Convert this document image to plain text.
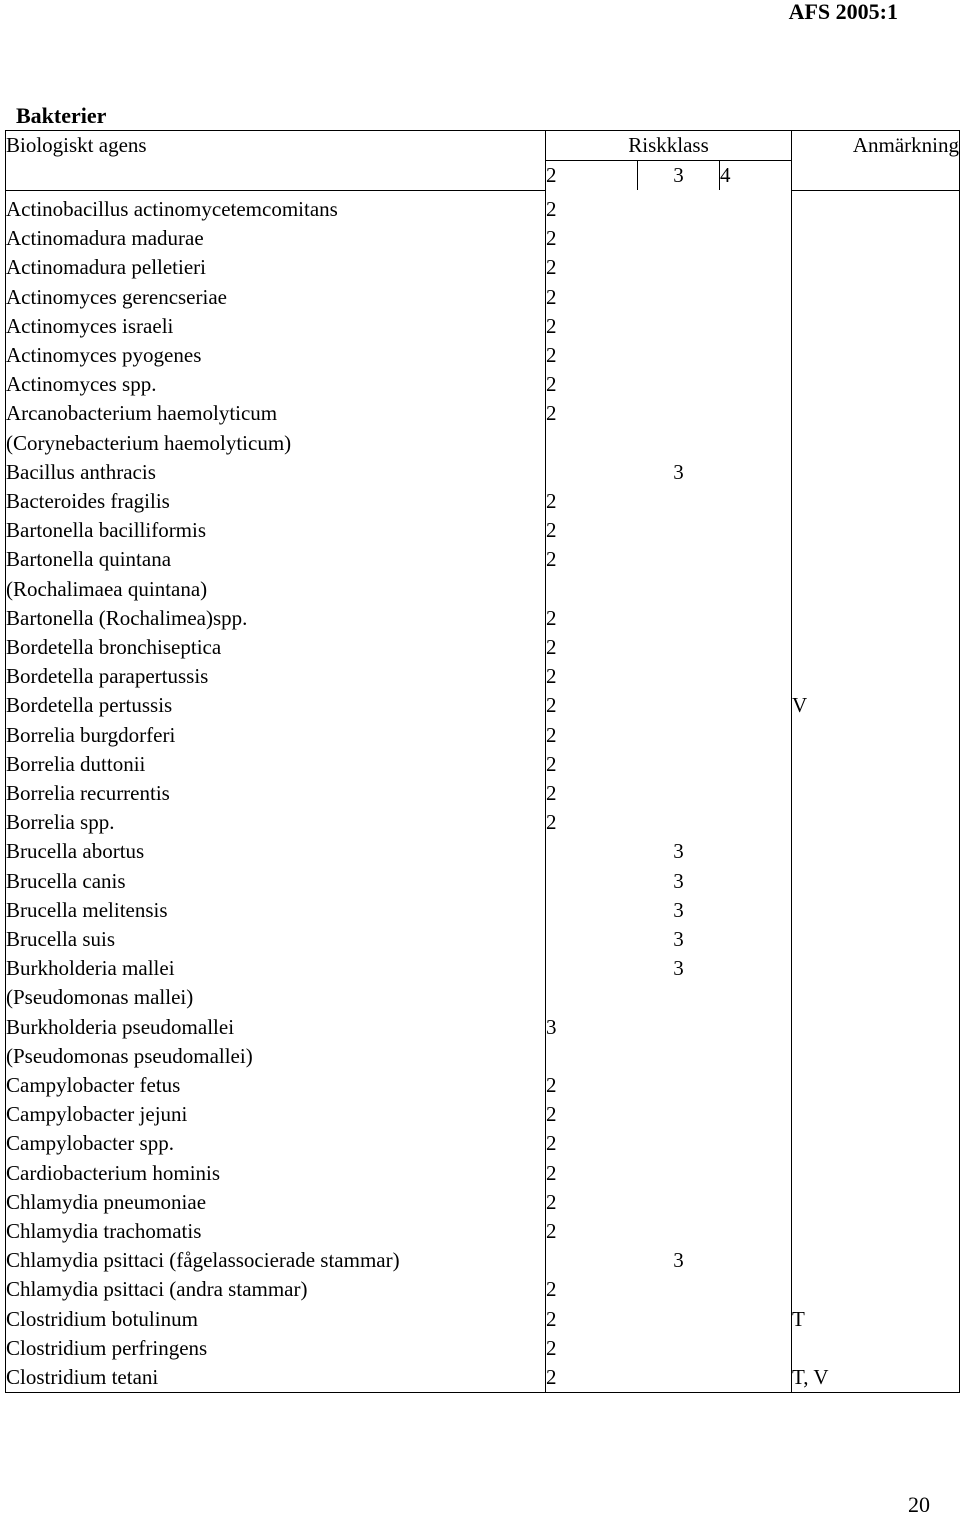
AFS 2005:1
Bakterier
Biologiskt agens	Riskklass			Anmärkning
	2	3	4	
Actinobacillus actinomycetemcomitans	2			
Actinomadura madurae	2			
Actinomadura pelletieri	2			
Actinomyces gerencseriae	2			
Actinomyces israeli	2			
Actinomyces pyogenes	2			
Actinomyces spp.	2			
Arcanobacterium haemolyticum	2			
(Corynebacterium haemolyticum)				
Bacillus anthracis		3		
Bacteroides fragilis	2			
Bartonella bacilliformis	2			
Bartonella quintana	2			
(Rochalimaea quintana)				
Bartonella (Rochalimea)spp.	2			
Bordetella bronchiseptica	2			
Bordetella parapertussis	2			
Bordetella pertussis	2			V
Borrelia burgdorferi	2			
Borrelia duttonii	2			
Borrelia recurrentis	2			
Borrelia spp.	2			
Brucella abortus		3		
Brucella canis		3		
Brucella melitensis		3		
Brucella suis		3		
Burkholderia mallei		3		
(Pseudomonas mallei)				
Burkholderia pseudomallei	3			
(Pseudomonas pseudomallei)				
Campylobacter fetus	2			
Campylobacter jejuni	2			
Campylobacter spp.	2			
Cardiobacterium hominis	2			
Chlamydia pneumoniae	2			
Chlamydia trachomatis	2			
Chlamydia psittaci (fågelassocierade stammar)		3		
Chlamydia psittaci (andra stammar)	2			
Clostridium botulinum	2			T
Clostridium perfringens	2			
Clostridium tetani	2			T, V
20
